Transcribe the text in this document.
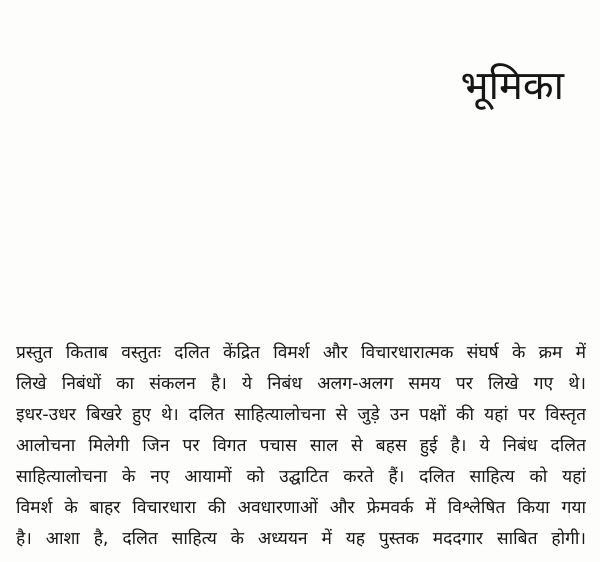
भूमिका
प्रस्तुत किताब वस्तुतः दलित केंद्रित विमर्श और विचारधारात्मक संघर्ष के क्रम में
लिखे निबंधों का संकलन है। ये निबंध अलग-अलग समय पर लिखे गए थे।
इधर-उधर बिखरे हुए थे। दलित साहित्यालोचना से जुड़े उन पक्षों की यहां पर विस्तृत
आलोचना मिलेगी जिन पर विगत पचास साल से बहस हुई है। ये निबंध दलित
साहित्यालोचना के नए आयामों को उद्घाटित करते हैं। दलित साहित्य को यहां
विमर्श के बाहर विचारधारा की अवधारणाओं और फ्रेमवर्क में विश्लेषित किया गया
है। आशा है, दलित साहित्य के अध्ययन में यह पुस्तक मददगार साबित होगी।
